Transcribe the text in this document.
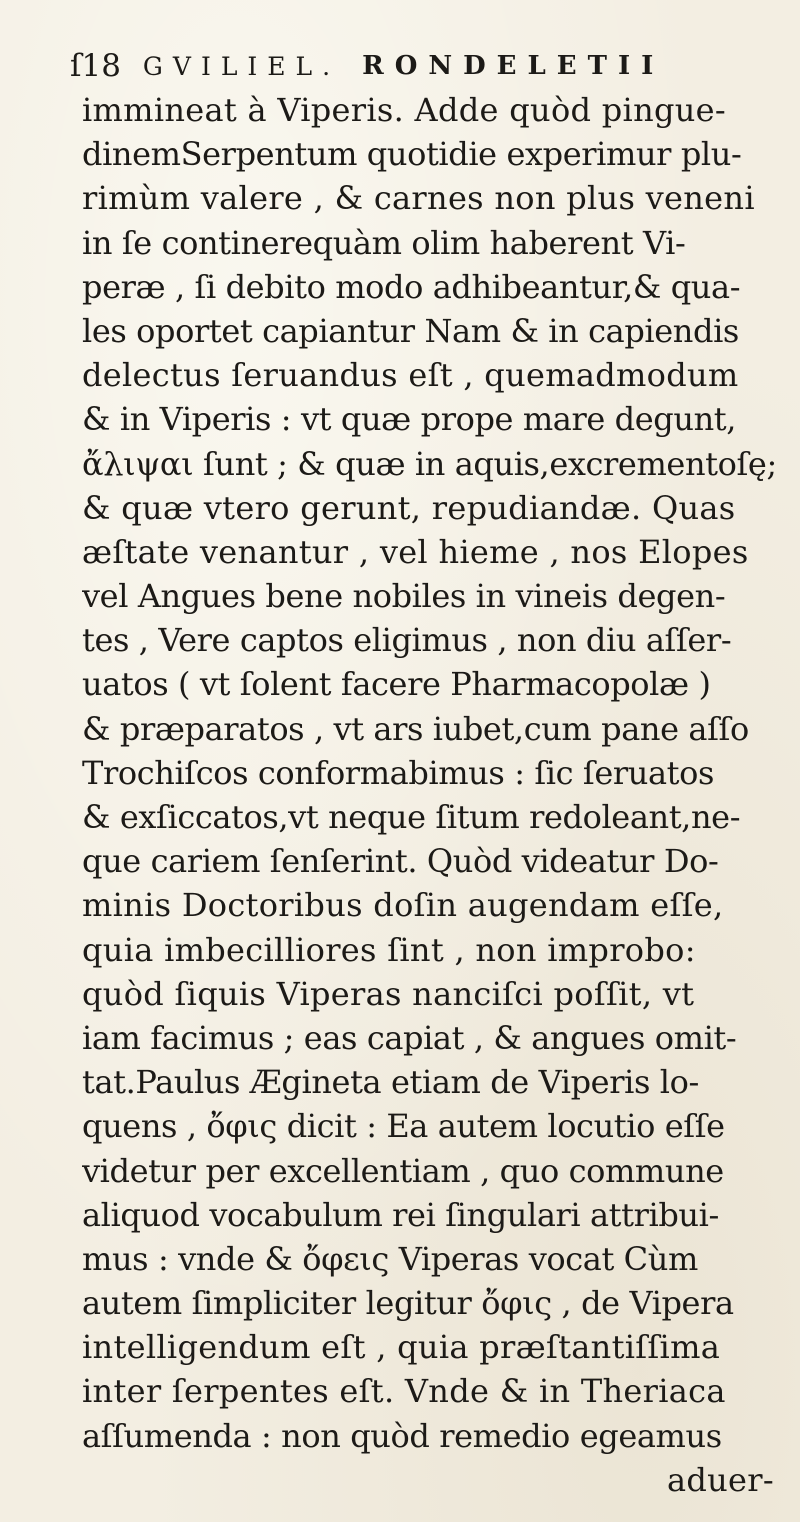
ſ18 GVILIEL. RONDELETII
immineat à Viperis. Adde quòd pingue-
dinemSerpentum quotidie experimur plu-
rimùm valere , & carnes non plus veneni
in ſe continerequàm olim haberent Vi-
peræ , ſi debito modo adhibeantur,& qua-
les oportet capiantur Nam & in capiendis
delectus ſeruandus eſt , quemadmodum
& in Viperis : vt quæ prope mare degunt,
ἄλιψαι ſunt ; & quæ in aquis,excrementoſę;
& quæ vtero gerunt, repudiandæ. Quas
æſtate venantur , vel hieme , nos Elopes
vel Angues bene nobiles in vineis degen-
tes , Vere captos eligimus , non diu aſſer-
uatos ( vt ſolent facere Pharmacopolæ )
& præparatos , vt ars iubet,cum pane aſſo
Trochiſcos conformabimus : ſic ſeruatos
& exſiccatos,vt neque ſitum redoleant,ne-
que cariem ſenſerint. Quòd videatur Do-
minis Doctoribus doſin augendam eſſe,
quia imbecilliores ſint , non improbo:
quòd ſiquis Viperas nanciſci poſſit, vt
iam facimus ; eas capiat , & angues omit-
tat.Paulus Ægineta etiam de Viperis lo-
quens , ὄφις dicit : Ea autem locutio eſſe
videtur per excellentiam , quo commune
aliquod vocabulum rei ſingulari attribui-
mus : vnde & ὄφεις Viperas vocat Cùm
autem ſimpliciter legitur ὄφις , de Vipera
intelligendum eſt , quia præſtantiſſima
inter ſerpentes eſt. Vnde & in Theriaca
aſſumenda : non quòd remedio egeamus
aduer-
